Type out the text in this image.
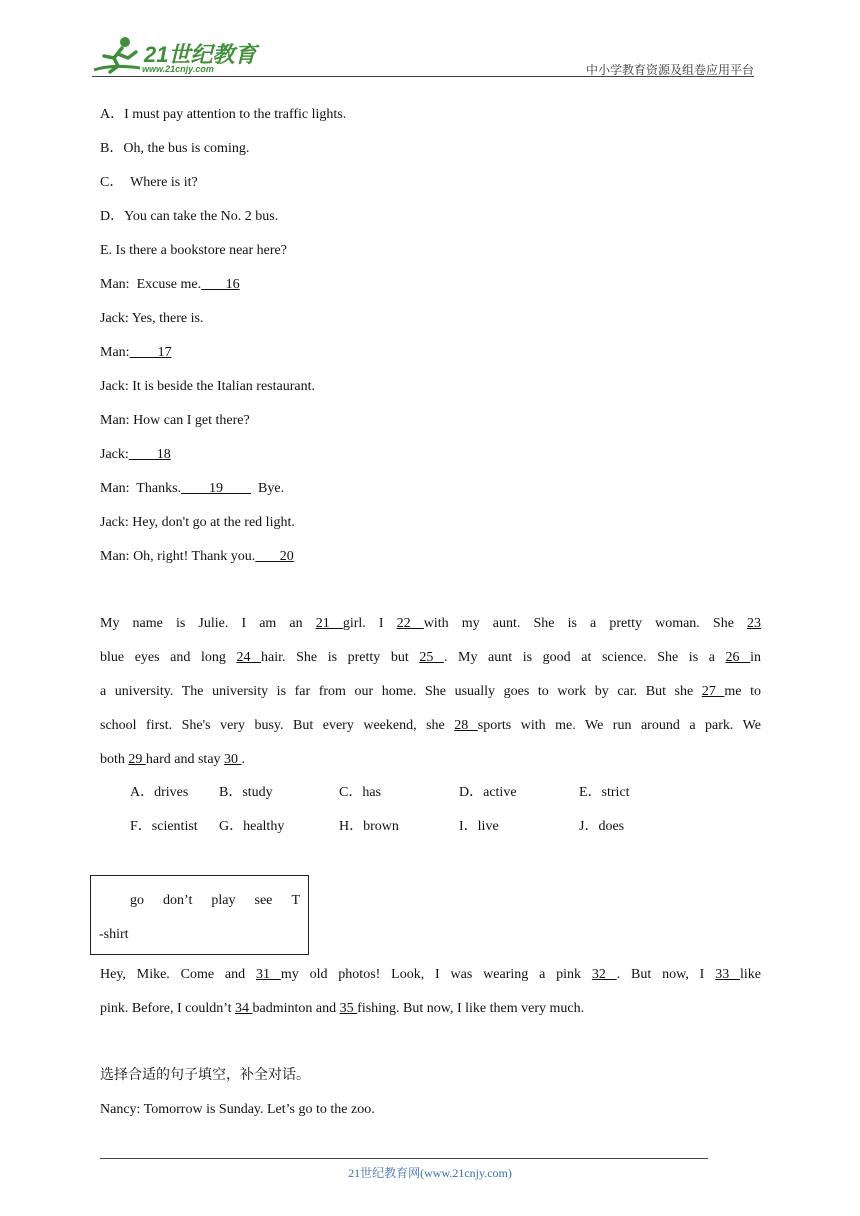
21世纪教育
www.21cnjy.com	中小学教育资源及组卷应用平台
A．I must pay attention to the traffic lights.
B．Oh, the bus is coming.
C．  Where is it?
D．You can take the No. 2 bus.
E. Is there a bookstore near here?
Man:  Excuse me.       16
Jack: Yes, there is.
Man:        17
Jack: It is beside the Italian restaurant.
Man: How can I get there?
Jack:        18
Man:  Thanks.        19          Bye.
Jack: Hey, don't go at the red light.
Man: Oh, right! Thank you.       20
My name is Julie. I am an 21 girl. I 22 with my aunt. She is a pretty woman. She 23
blue eyes and long 24 hair. She is pretty but 25 . My aunt is good at science. She is a 26 in
a university. The university is far from our home. She usually goes to work by car. But she 27 me to
school first. She's very busy. But every weekend, she 28 sports with me. We run around a park. We
both 29 hard and stay 30 .
A．drives B．study	C．has	D．active	E．strict
F．scientist G．healthy	H．brown	I．live	J．does
go don’t play see T
-shirt
Hey, Mike. Come and 31 my old photos! Look, I was wearing a pink 32 . But now, I 33 like
pink. Before, I couldn’t 34 badminton and 35 fishing. But now, I like them very much.
选择合适的句子填空，补全对话。
Nancy: Tomorrow is Sunday. Let’s go to the zoo.
21世纪教育网(www.21cnjy.com)
